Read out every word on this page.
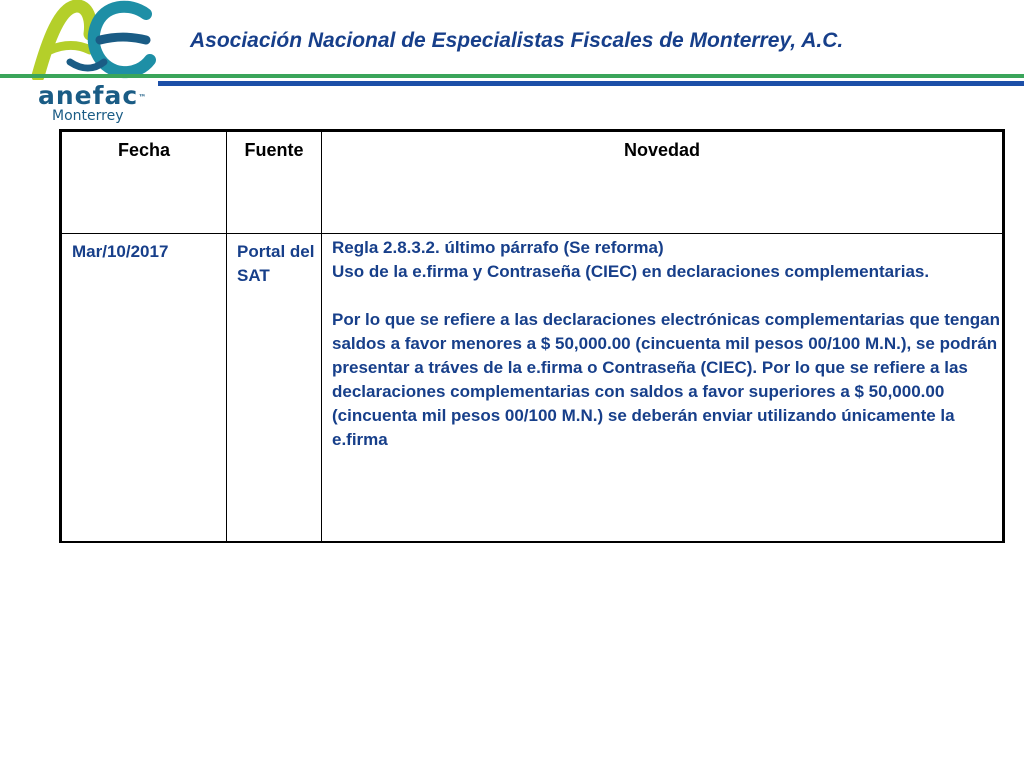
anefac™
Monterrey
Asociación Nacional de Especialistas Fiscales de Monterrey, A.C.
Fecha	Fuente	Novedad
Mar/10/2017	Portal del SAT	Regla 2.8.3.2. último párrafo (Se reforma)

Uso de la e.firma y Contraseña (CIEC) en declaraciones complementarias.

Por lo que se refiere a las declaraciones electrónicas complementarias que tengan saldos a favor menores a $ 50,000.00 (cincuenta mil pesos 00/100 M.N.), se podrán presentar a tráves de la e.firma o Contraseña (CIEC). Por lo que se refiere a las declaraciones complementarias con saldos a favor superiores a $ 50,000.00 (cincuenta mil pesos 00/100 M.N.) se deberán enviar utilizando únicamente la e.firma
